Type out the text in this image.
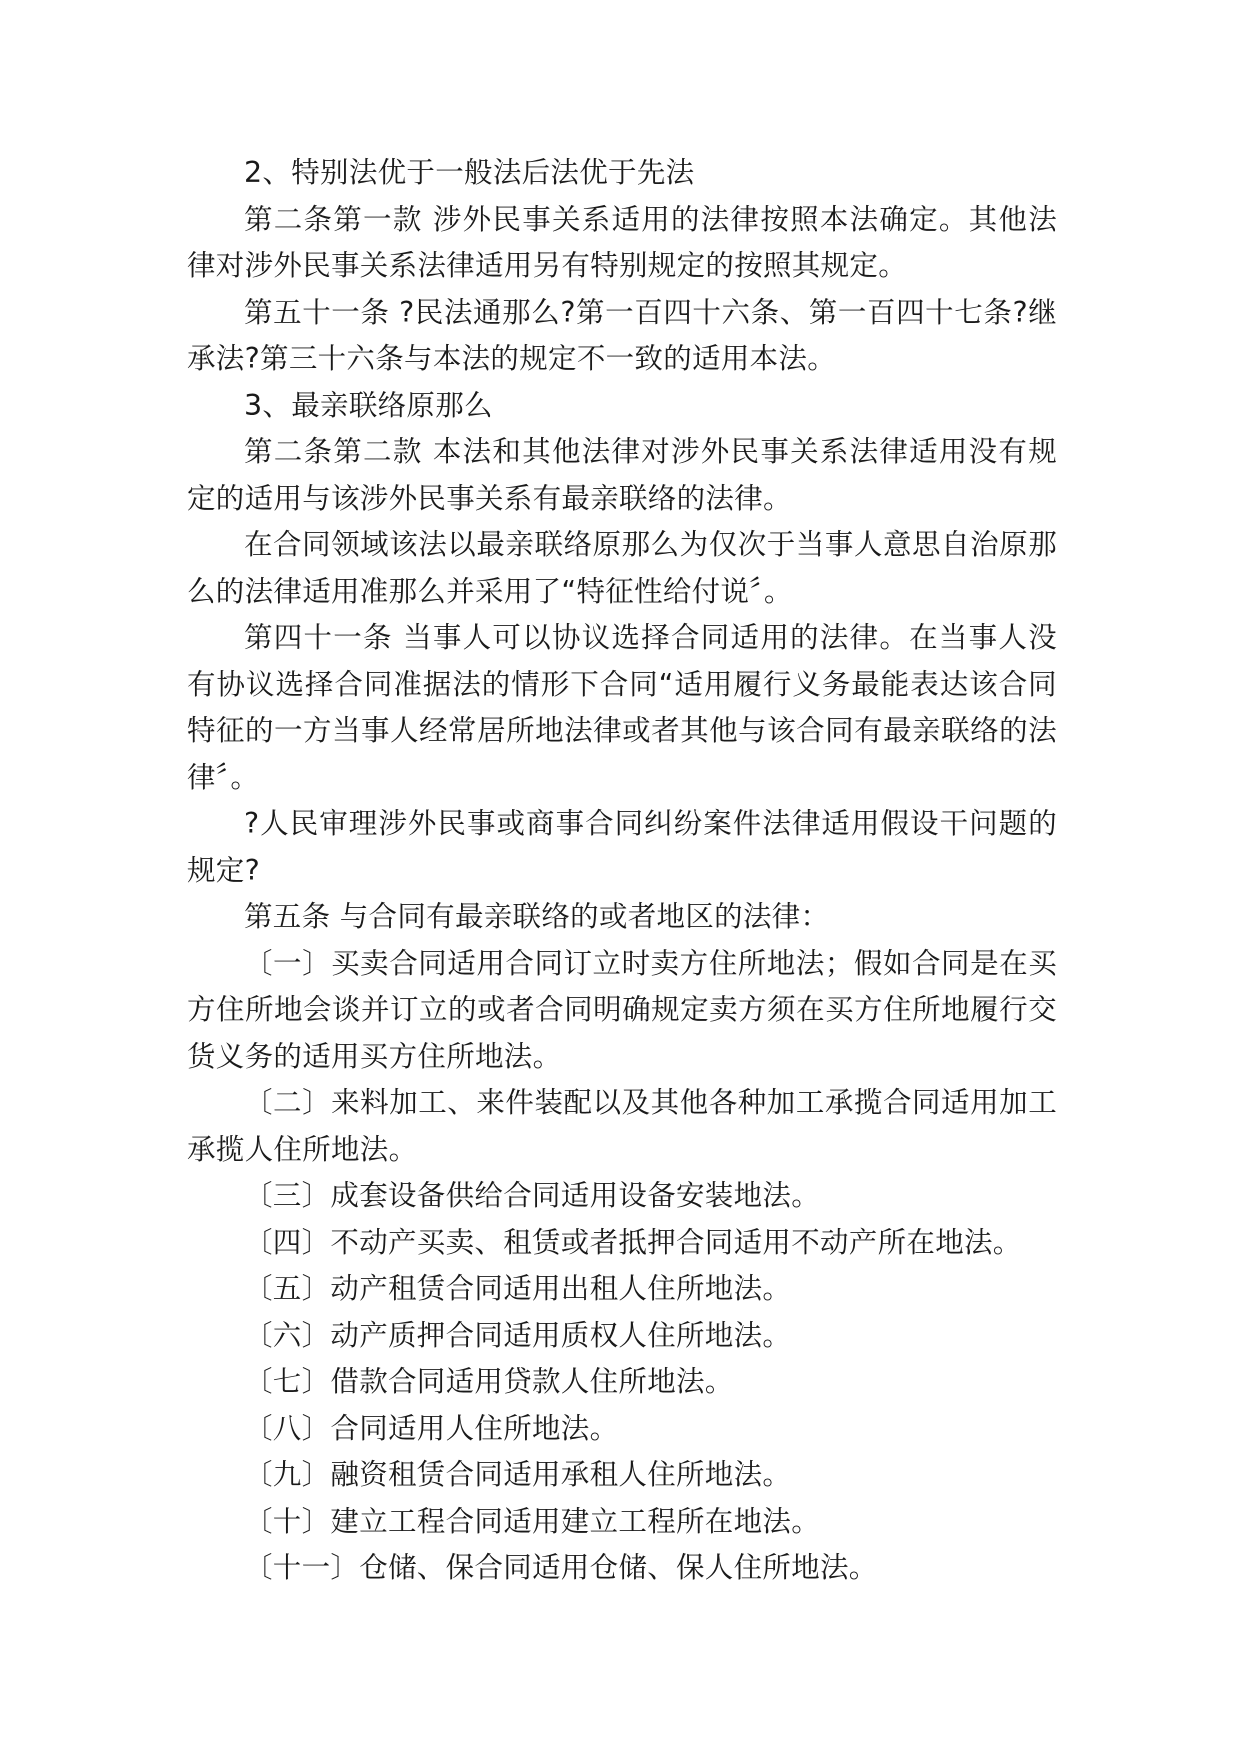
2、特别法优于一般法后法优于先法

第二条第一款 涉外民事关系适用的法律按照本法确定。其他法律对涉外民事关系法律适用另有特别规定的按照其规定。

第五十一条 ?民法通那么?第一百四十六条、第一百四十七条?继承法?第三十六条与本法的规定不一致的适用本法。

3、最亲联络原那么

第二条第二款 本法和其他法律对涉外民事关系法律适用没有规定的适用与该涉外民事关系有最亲联络的法律。

在合同领域该法以最亲联络原那么为仅次于当事人意思自治原那么的法律适用准那么并采用了“特征性给付说〞。

第四十一条 当事人可以协议选择合同适用的法律。在当事人没有协议选择合同准据法的情形下合同“适用履行义务最能表达该合同特征的一方当事人经常居所地法律或者其他与该合同有最亲联络的法律〞。

?人民审理涉外民事或商事合同纠纷案件法律适用假设干问题的规定?

第五条 与合同有最亲联络的或者地区的法律：

〔一〕买卖合同适用合同订立时卖方住所地法；假如合同是在买方住所地会谈并订立的或者合同明确规定卖方须在买方住所地履行交货义务的适用买方住所地法。

〔二〕来料加工、来件装配以及其他各种加工承揽合同适用加工承揽人住所地法。

〔三〕成套设备供给合同适用设备安装地法。

〔四〕不动产买卖、租赁或者抵押合同适用不动产所在地法。

〔五〕动产租赁合同适用出租人住所地法。

〔六〕动产质押合同适用质权人住所地法。

〔七〕借款合同适用贷款人住所地法。

〔八〕合同适用人住所地法。

〔九〕融资租赁合同适用承租人住所地法。

〔十〕建立工程合同适用建立工程所在地法。

〔十一〕仓储、保合同适用仓储、保人住所地法。
